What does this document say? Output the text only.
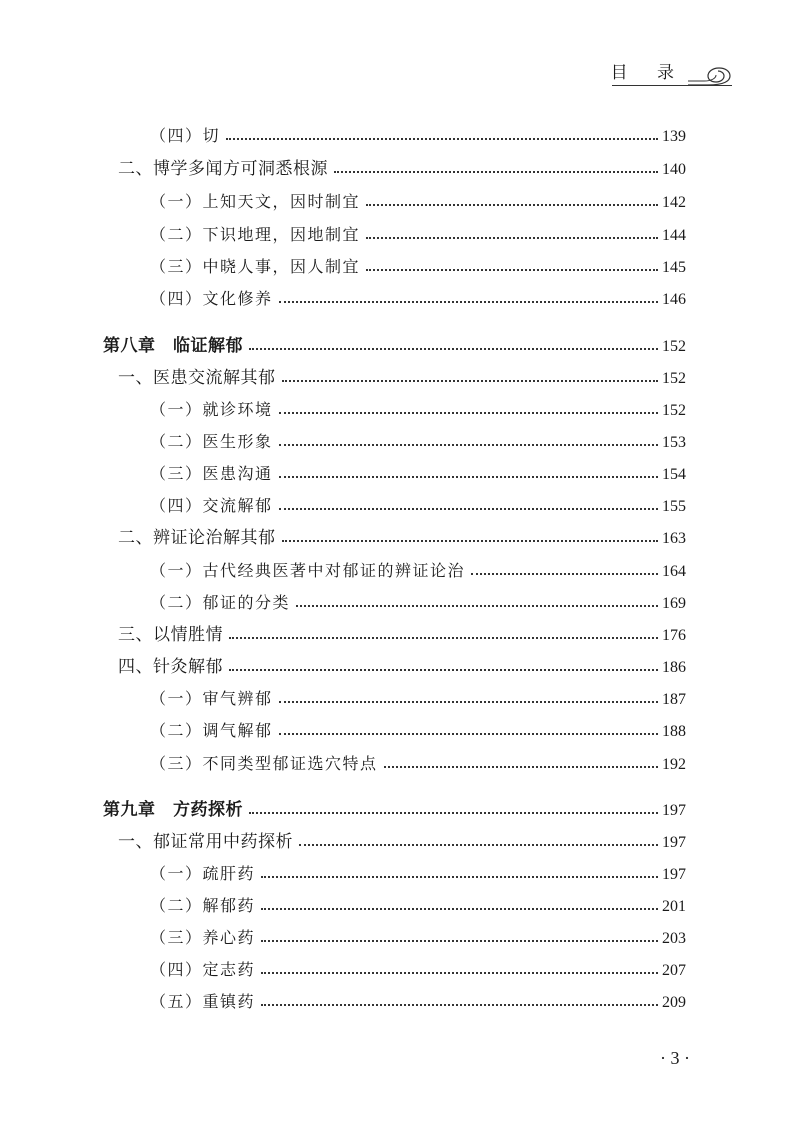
目 录
（四）切	139
二、博学多闻方可洞悉根源	140
（一）上知天文，因时制宜	142
（二）下识地理，因地制宜	144
（三）中晓人事，因人制宜	145
（四）文化修养	146
第八章　临证解郁	152
一、医患交流解其郁	152
（一）就诊环境	152
（二）医生形象	153
（三）医患沟通	154
（四）交流解郁	155
二、辨证论治解其郁	163
（一）古代经典医著中对郁证的辨证论治	164
（二）郁证的分类	169
三、以情胜情	176
四、针灸解郁	186
（一）审气辨郁	187
（二）调气解郁	188
（三）不同类型郁证选穴特点	192
第九章　方药探析	197
一、郁证常用中药探析	197
（一）疏肝药	197
（二）解郁药	201
（三）养心药	203
（四）定志药	207
（五）重镇药	209
· 3 ·
